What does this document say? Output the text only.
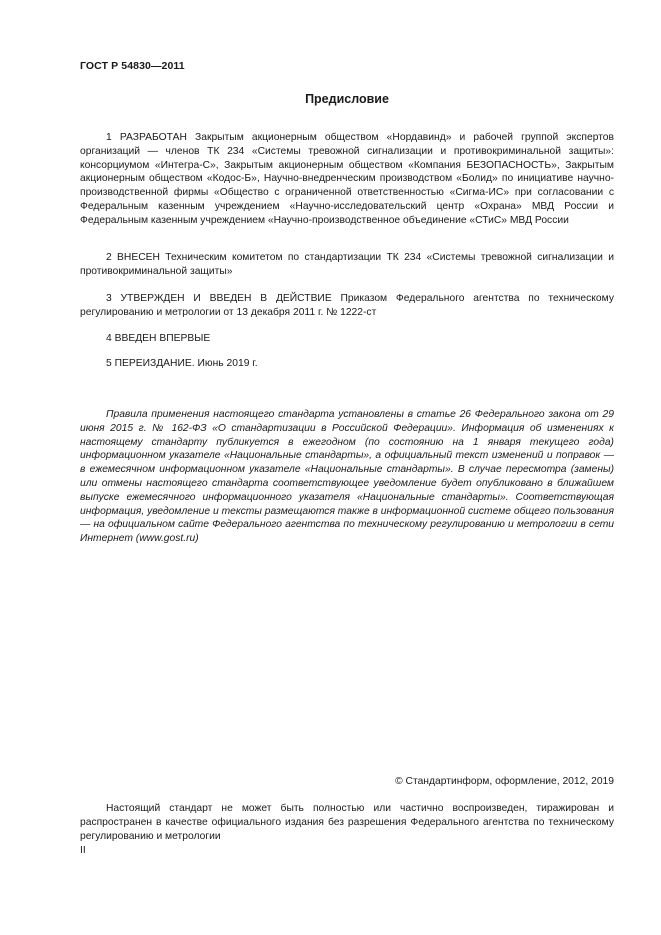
ГОСТ Р 54830—2011
Предисловие

1 РАЗРАБОТАН Закрытым акционерным обществом «Нордавинд» и рабочей группой экспертов организаций — членов ТК 234 «Системы тревожной сигнализации и противокриминальной защиты»: консорциумом «Интегра-С», Закрытым акционерным обществом «Компания БЕЗОПАСНОСТЬ», Закрытым акционерным обществом «Кодос-Б», Научно-внедренческим производством «Болид» по инициативе научно-производственной фирмы «Общество с ограниченной ответственностью «Сигма-ИС» при согласовании с Федеральным казенным учреждением «Научно-исследовательский центр «Охрана» МВД России и Федеральным казенным учреждением «Научно-производственное объединение «СТиС» МВД России

2 ВНЕСЕН Техническим комитетом по стандартизации ТК 234 «Системы тревожной сигнализации и противокриминальной защиты»

3 УТВЕРЖДЕН И ВВЕДЕН В ДЕЙСТВИЕ Приказом Федерального агентства по техническому регулированию и метрологии от 13 декабря 2011 г. № 1222-ст

4 ВВЕДЕН ВПЕРВЫЕ

5 ПЕРЕИЗДАНИЕ. Июнь 2019 г.

Правила применения настоящего стандарта установлены в статье 26 Федерального закона от 29 июня 2015 г. № 162-ФЗ «О стандартизации в Российской Федерации». Информация об изменениях к настоящему стандарту публикуется в ежегодном (по состоянию на 1 января текущего года) информационном указателе «Национальные стандарты», а официальный текст изменений и поправок — в ежемесячном информационном указателе «Национальные стандарты». В случае пересмотра (замены) или отмены настоящего стандарта соответствующее уведомление будет опубликовано в ближайшем выпуске ежемесячного информационного указателя «Национальные стандарты». Соответствующая информация, уведомление и тексты размещаются также в информационной системе общего пользования — на официальном сайте Федерального агентства по техническому регулированию и метрологии в сети Интернет (www.gost.ru)

© Стандартинформ, оформление, 2012, 2019

Настоящий стандарт не может быть полностью или частично воспроизведен, тиражирован и распространен в качестве официального издания без разрешения Федерального агентства по техническому регулированию и метрологии

II
